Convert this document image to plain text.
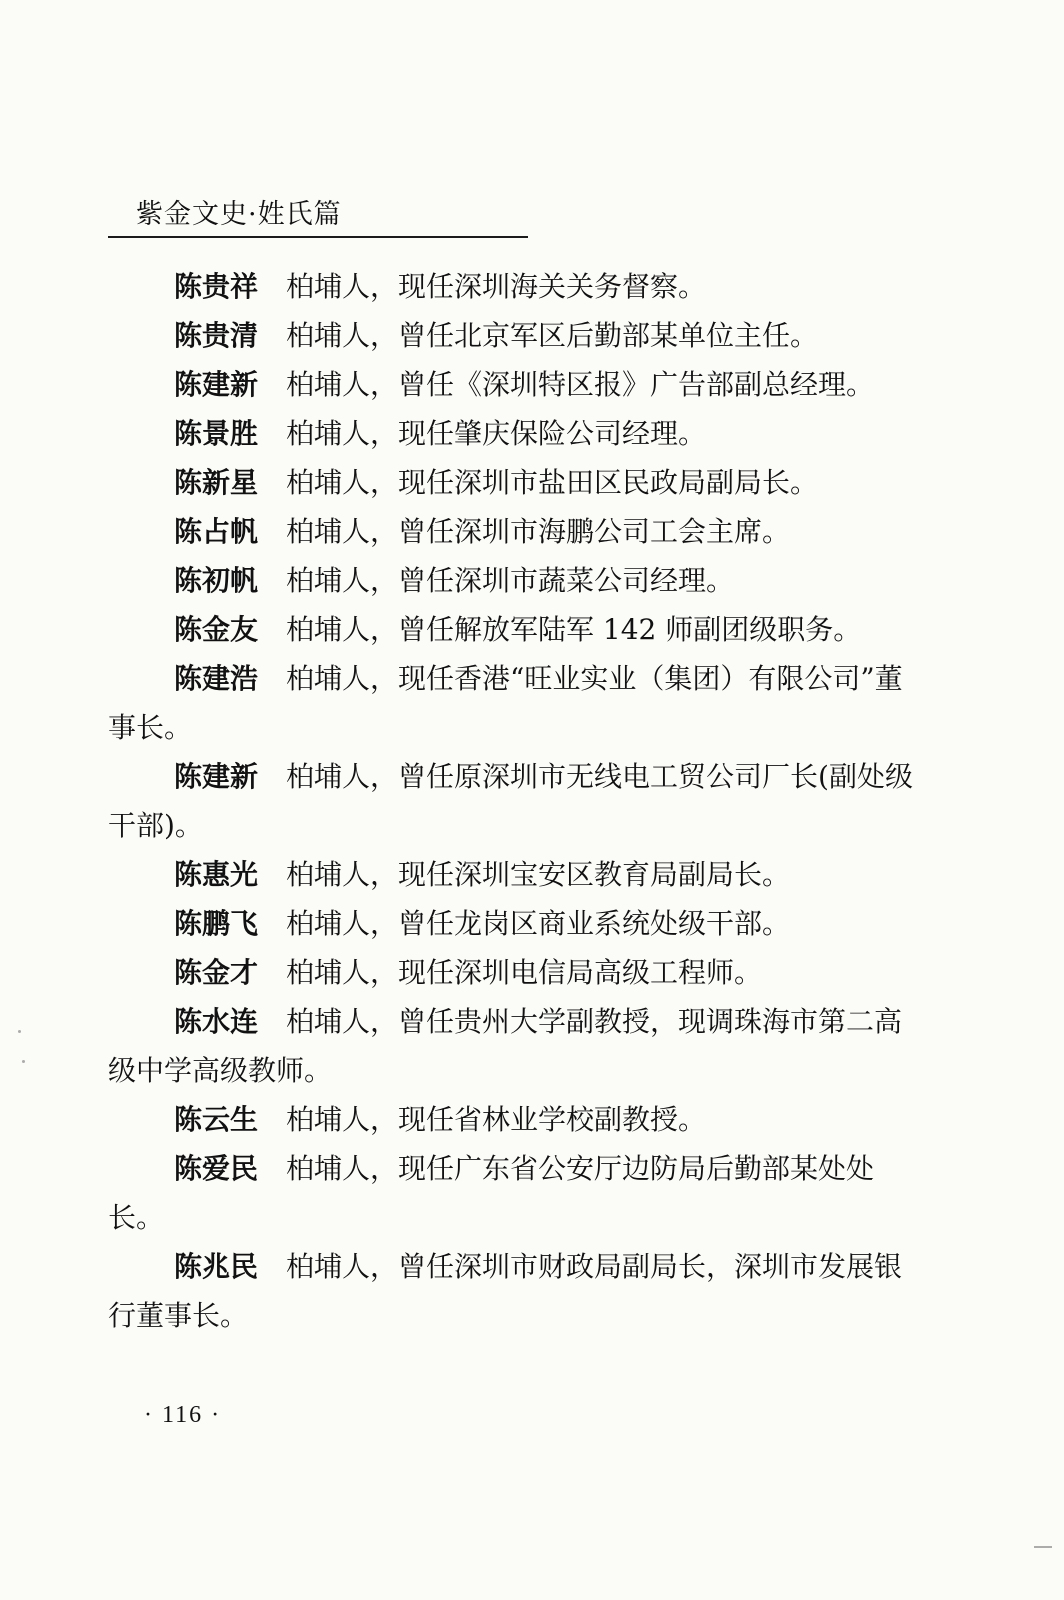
紫金文史·姓氏篇

陈贵祥 柏埔人，现任深圳海关关务督察。

陈贵清 柏埔人，曾任北京军区后勤部某单位主任。

陈建新 柏埔人，曾任《深圳特区报》广告部副总经理。

陈景胜 柏埔人，现任肇庆保险公司经理。

陈新星 柏埔人，现任深圳市盐田区民政局副局长。

陈占帆 柏埔人，曾任深圳市海鹏公司工会主席。

陈初帆 柏埔人，曾任深圳市蔬菜公司经理。

陈金友 柏埔人，曾任解放军陆军 142 师副团级职务。

陈建浩 柏埔人，现任香港“旺业实业（集团）有限公司”董事长。

陈建新 柏埔人，曾任原深圳市无线电工贸公司厂长(副处级干部)。

陈惠光 柏埔人，现任深圳宝安区教育局副局长。

陈鹏飞 柏埔人，曾任龙岗区商业系统处级干部。

陈金才 柏埔人，现任深圳电信局高级工程师。

陈水连 柏埔人，曾任贵州大学副教授，现调珠海市第二高级中学高级教师。

陈云生 柏埔人，现任省林业学校副教授。

陈爱民 柏埔人，现任广东省公安厅边防局后勤部某处处长。

陈兆民 柏埔人，曾任深圳市财政局副局长，深圳市发展银行董事长。

· 116 ·
